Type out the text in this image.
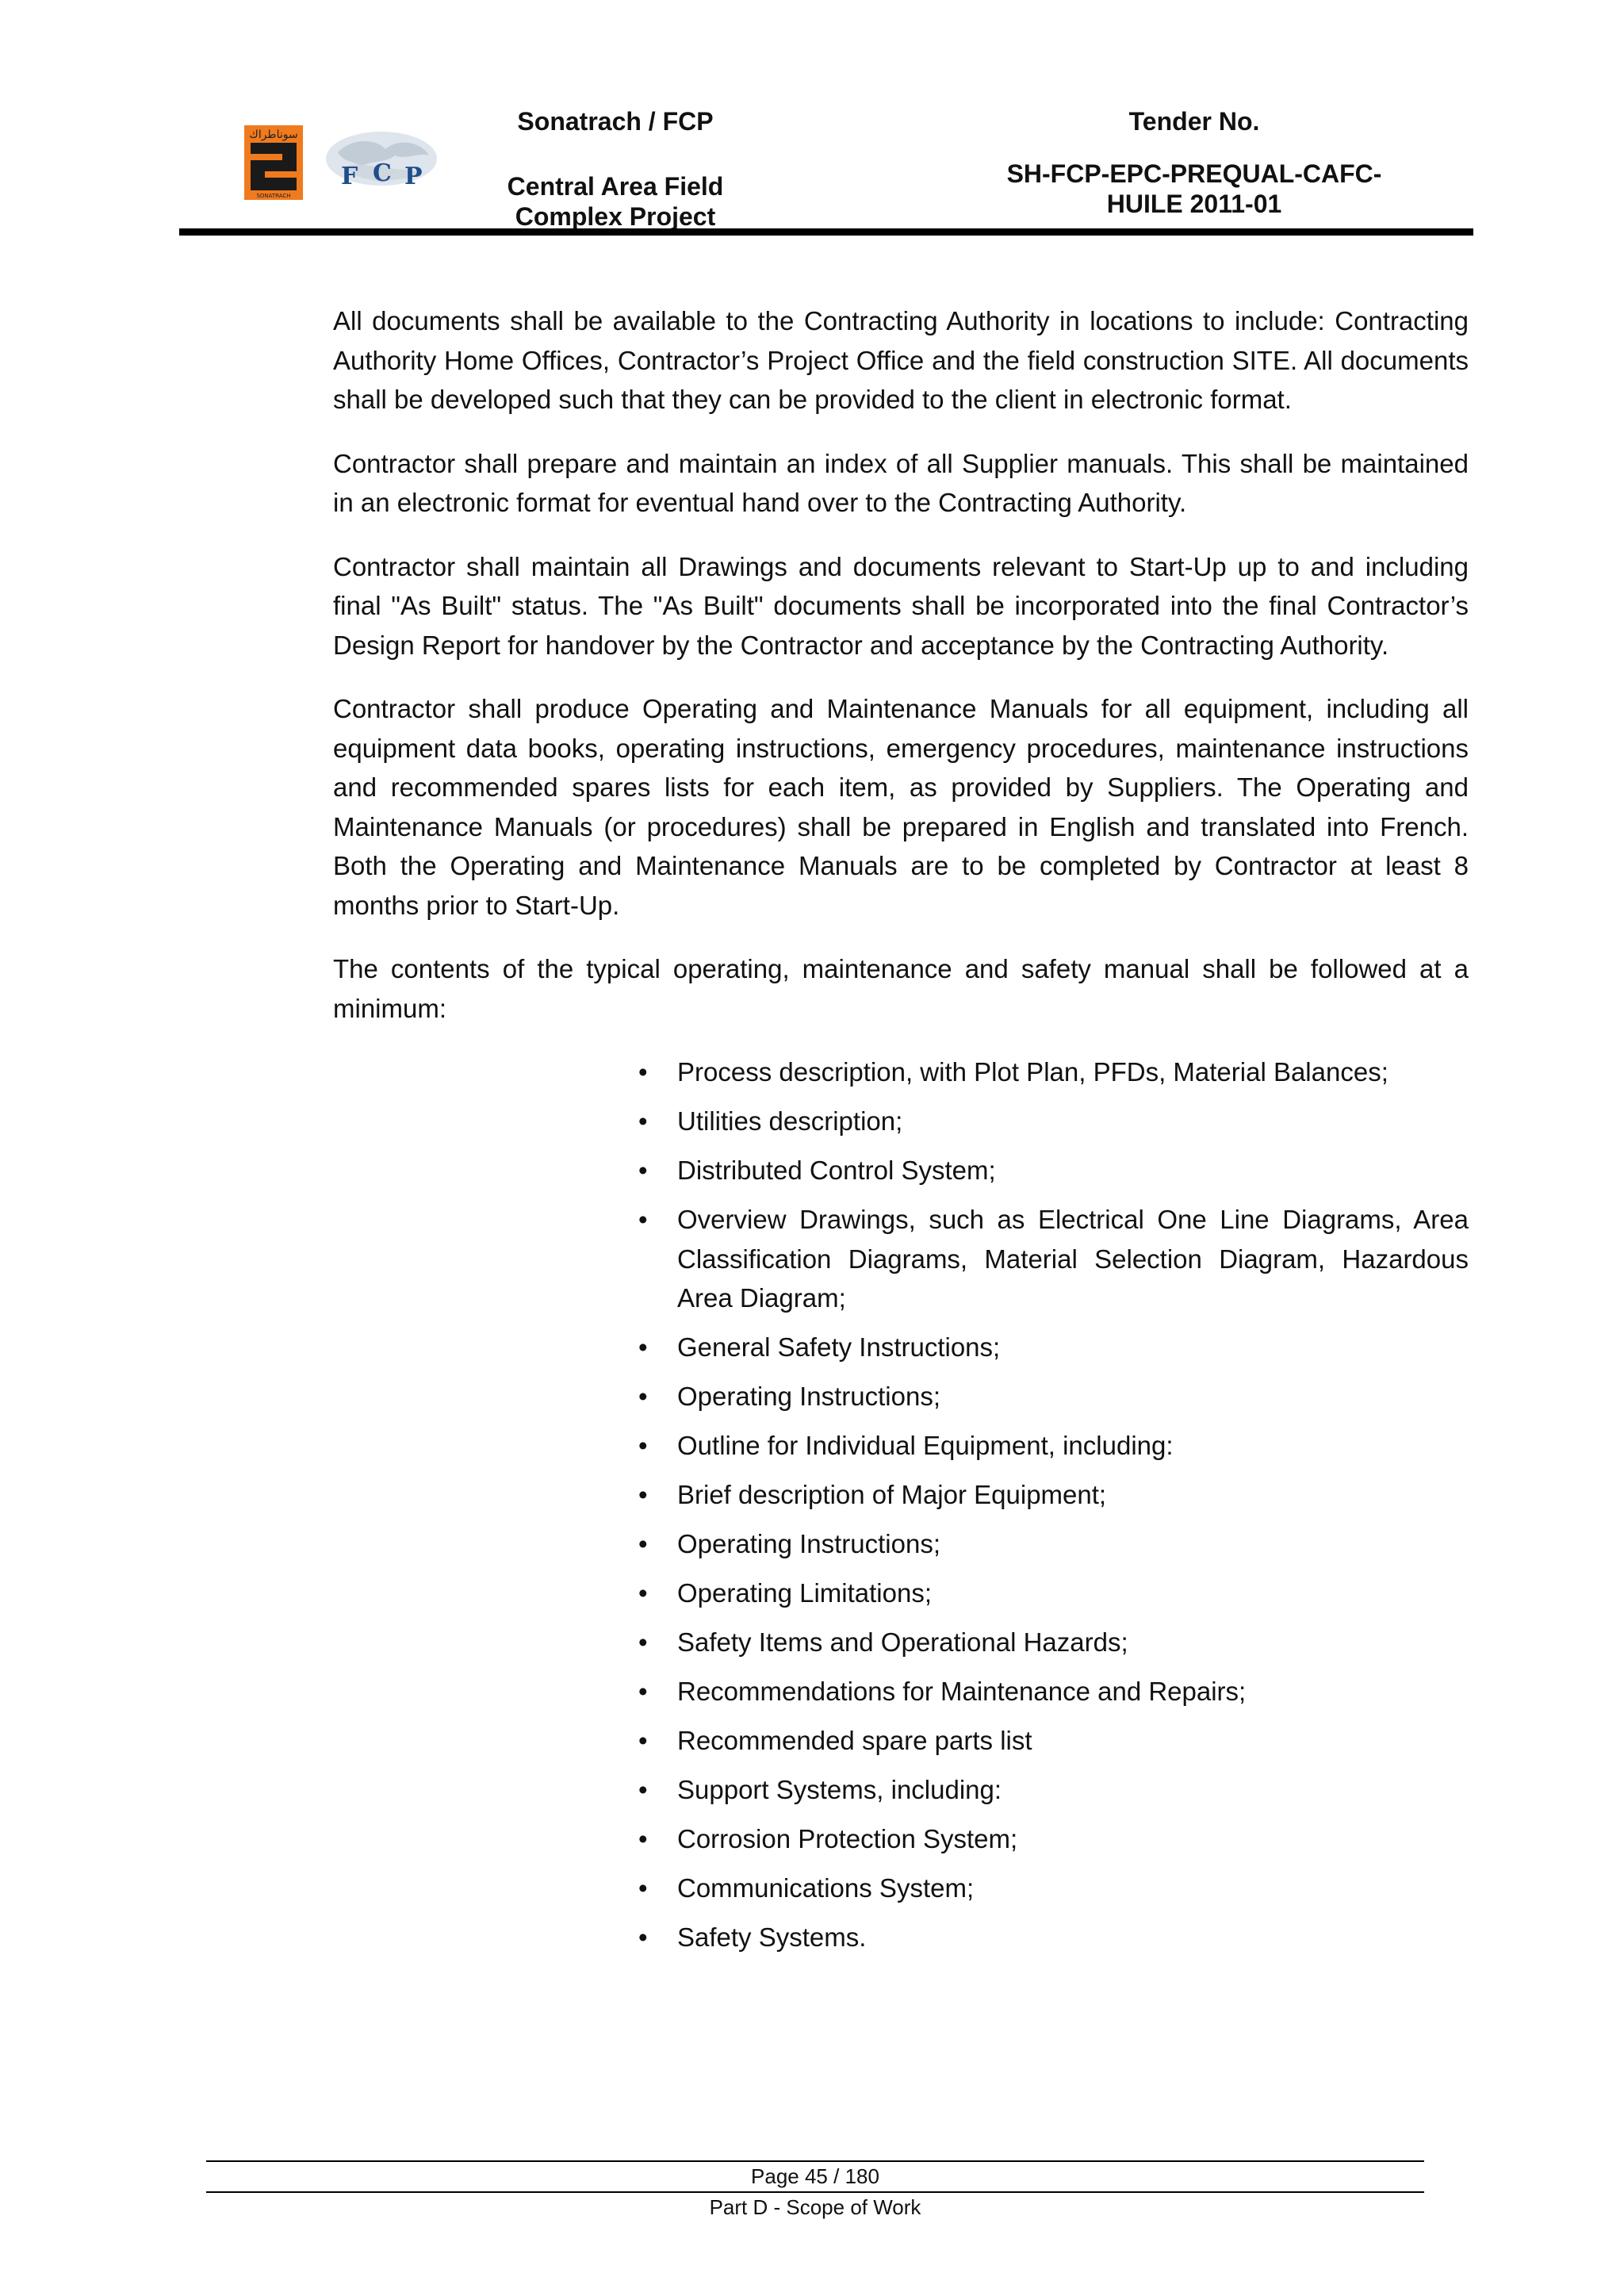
سوناطراك
SONATRACH
F C P
Sonatrach / FCP
Central Area Field Complex Project
Tender No.
SH-FCP-EPC-PREQUAL-CAFC-
HUILE 2011-01

All documents shall be available to the Contracting Authority in locations to include: Contracting Authority Home Offices, Contractor’s Project Office and the field construction SITE. All documents shall be developed such that they can be provided to the client in electronic format.

Contractor shall prepare and maintain an index of all Supplier manuals. This shall be maintained in an electronic format for eventual hand over to the Contracting Authority.

Contractor shall maintain all Drawings and documents relevant to Start-Up up to and including final "As Built" status. The "As Built" documents shall be incorporated into the final Contractor’s Design Report for handover by the Contractor and acceptance by the Contracting Authority.

Contractor shall produce Operating and Maintenance Manuals for all equipment, including all equipment data books, operating instructions, emergency procedures, maintenance instructions and recommended spares lists for each item, as provided by Suppliers. The Operating and Maintenance Manuals (or procedures) shall be prepared in English and translated into French. Both the Operating and Maintenance Manuals are to be completed by Contractor at least 8 months prior to Start-Up.

The contents of the typical operating, maintenance and safety manual shall be followed at a minimum:

• Process description, with Plot Plan, PFDs, Material Balances;
• Utilities description;
• Distributed Control System;
• Overview Drawings, such as Electrical One Line Diagrams, Area Classification Diagrams, Material Selection Diagram, Hazardous Area Diagram;
• General Safety Instructions;
• Operating Instructions;
• Outline for Individual Equipment, including:
• Brief description of Major Equipment;
• Operating Instructions;
• Operating Limitations;
• Safety Items and Operational Hazards;
• Recommendations for Maintenance and Repairs;
• Recommended spare parts list
• Support Systems, including:
• Corrosion Protection System;
• Communications System;
• Safety Systems.
Page 45 / 180
Part D - Scope of Work
